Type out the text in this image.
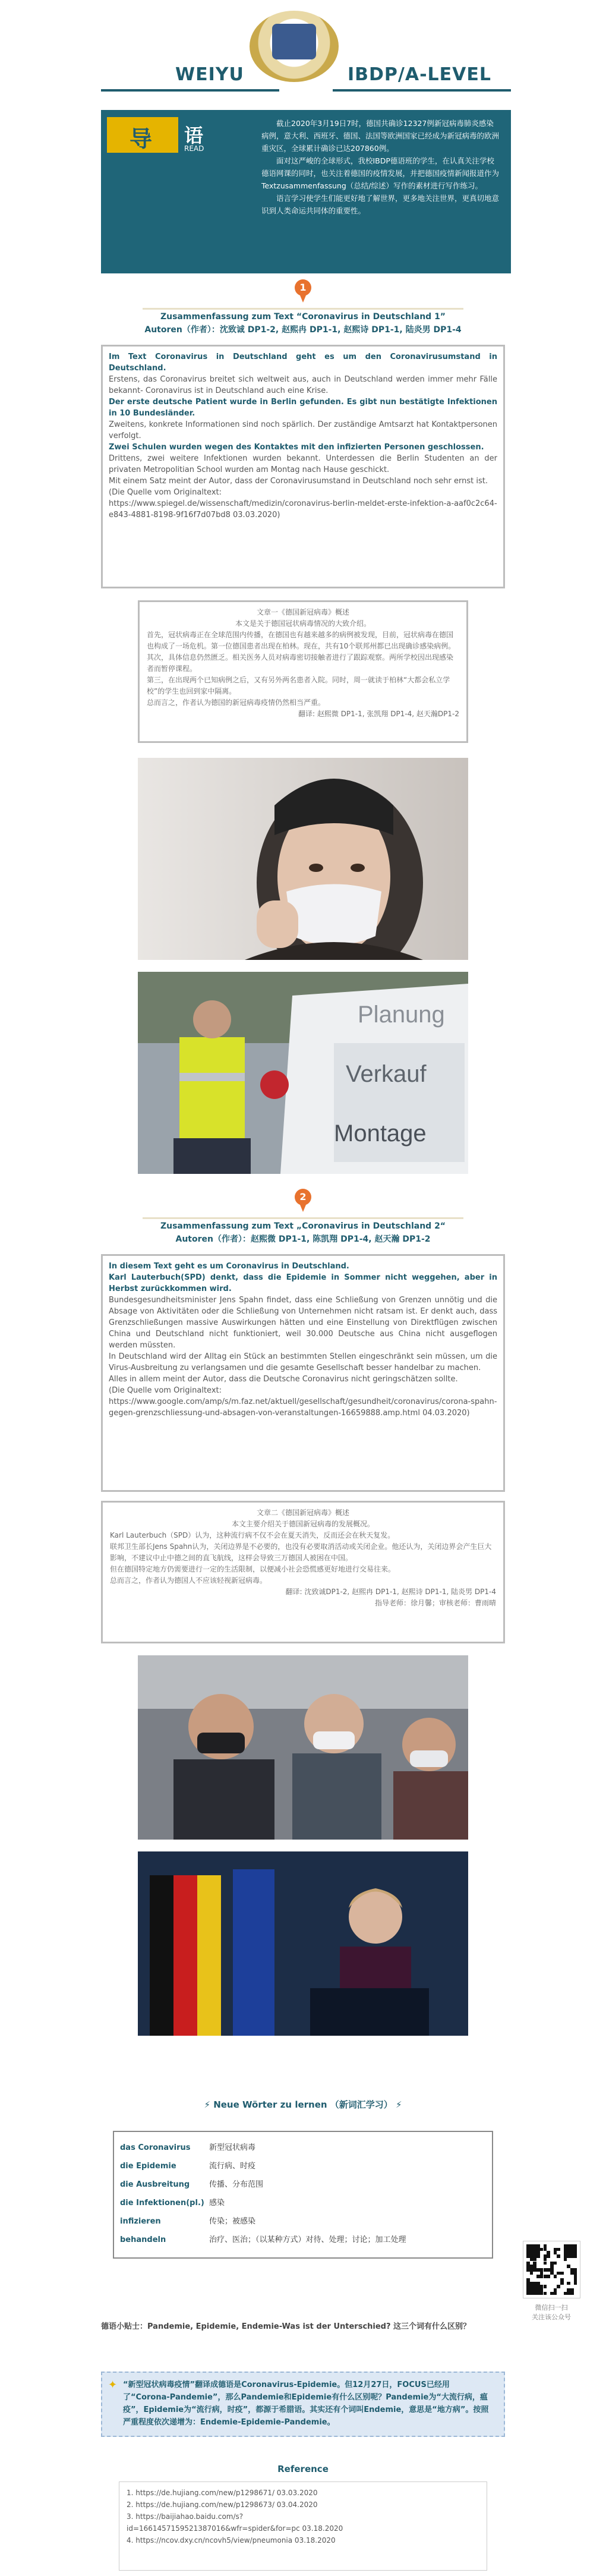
WEIYU	IBDP/A-LEVEL
导 语
READ

截止2020年3月19日7时，德国共确诊12327例新冠病毒肺炎感染病例，意大利、西班牙、德国、法国等欧洲国家已经成为新冠病毒的欧洲重灾区，全球累计确诊已达207860例。

面对这严峻的全球形式，我校IBDP德语班的学生，在认真关注学校德语网课的同时，也关注着德国的疫情发展，并把德国疫情新闻报道作为Textzusammenfassung（总结/综述）写作的素材进行写作练习。

语言学习使学生们能更好地了解世界，更多地关注世界，更真切地意识到人类命运共同体的重要性。

1
Zusammenfassung zum Text “Coronavirus in Deutschland 1”
Autoren（作者）：沈致诚 DP1-2, 赵熙冉 DP1-1, 赵熙诗 DP1-1, 陆炎男 DP1-4

Im Text Coronavirus in Deutschland geht es um den Coronavirusumstand in Deutschland.

Erstens, das Coronavirus breitet sich weltweit aus, auch in Deutschland werden immer mehr Fälle bekannt- Coronavirus ist in Deutschland auch eine Krise.

Der erste deutsche Patient wurde in Berlin gefunden. Es gibt nun bestätigte Infektionen in 10 Bundesländer.

Zweitens, konkrete Informationen sind noch spärlich. Der zuständige Amtsarzt hat Kontaktpersonen verfolgt.

Zwei Schulen wurden wegen des Kontaktes mit den infizierten Personen geschlossen.

Drittens, zwei weitere Infektionen wurden bekannt. Unterdessen die Berlin Studenten an der privaten Metropolitian School wurden am Montag nach Hause geschickt.

Mit einem Satz meint der Autor, dass der Coronavirusumstand in Deutschland noch sehr ernst ist.

(Die Quelle vom Originaltext:

https://www.spiegel.de/wissenschaft/medizin/coronavirus-berlin-meldet-erste-infektion-a-aaf0c2c64-e843-4881-8198-9f16f7d07bd8 03.03.2020)

文章一《德国新冠病毒》概述

本文是关于德国冠状病毒情况的大致介绍。

首先，冠状病毒正在全球范围内传播，在德国也有越来越多的病例被发现，目前，冠状病毒在德国也构成了一场危机。第一位德国患者出现在柏林。现在，共有10个联邦州都已出现确诊感染病例。

其次，具体信息仍然匮乏。相关医务人员对病毒密切接触者进行了跟踪观察。两所学校因出现感染者而暂停课程。

第三，在出现两个已知病例之后，又有另外两名患者入院。同时，周一就读于柏林“大都会私立学校”的学生也回到家中隔离。

总而言之，作者认为德国的新冠病毒疫情仍然相当严重。

翻译: 赵熙微 DP1-1, 张凯翔 DP1-4, 赵天瀚DP1-2

Planung
Verkauf
Montage
2
Zusammenfassung zum Text „Coronavirus in Deutschland 2“
Autoren（作者）：赵熙微 DP1-1, 陈凯翔 DP1-4, 赵天瀚 DP1-2

In diesem Text geht es um Coronavirus in Deutschland.

Karl Lauterbuch(SPD) denkt, dass die Epidemie in Sommer nicht weggehen, aber in Herbst zurückkommen wird.

Bundesgesundheitsminister Jens Spahn findet, dass eine Schließung von Grenzen unnötig und die Absage von Aktivitäten oder die Schließung von Unternehmen nicht ratsam ist. Er denkt auch, dass Grenzschließungen massive Auswirkungen hätten und eine Einstellung von Direktflügen zwischen China und Deutschland nicht funktioniert, weil 30.000 Deutsche aus China nicht ausgeflogen werden müssten.

In Deutschland wird der Alltag ein Stück an bestimmten Stellen eingeschränkt sein müssen, um die Virus-Ausbreitung zu verlangsamen und die gesamte Gesellschaft besser handelbar zu machen.

Alles in allem meint der Autor, dass die Deutsche Coronavirus nicht geringschätzen sollte.

(Die Quelle vom Originaltext:

https://www.google.com/amp/s/m.faz.net/aktuell/gesellschaft/gesundheit/coronavirus/corona-spahn-gegen-grenzschliessung-und-absagen-von-veranstaltungen-16659888.amp.html 04.03.2020)

文章二《德国新冠病毒》概述

本文主要介绍关于德国新冠病毒的发展概况。

Karl Lauterbuch（SPD）认为，这种流行病不仅不会在夏天消失，反而还会在秋天复发。

联邦卫生部长Jens Spahn认为，关闭边界是不必要的，也没有必要取消活动或关闭企业。他还认为，关闭边界会产生巨大影响，不建议中止中德之间的直飞航线，这样会导致三万德国人被困在中国。

但在德国特定地方仍需要进行一定的生活限制，以便减小社会恐慌感更好地进行交易往来。

总而言之，作者认为德国人不应该轻视新冠病毒。

翻译: 沈致诚DP1-2, 赵熙冉 DP1-1, 赵熙诗 DP1-1, 陆炎男 DP1-4

指导老师：徐月馨；审核老师：曹雨晴

⚡ Neue Wörter zu lernen （新词汇学习） ⚡
das Coronavirus 新型冠状病毒
die Epidemie	流行病、时疫
die Ausbreitung	传播、分布范围
die Infektionen(pl.) 感染
infizieren	传染；被感染
behandeln	治疗、医治；（以某种方式）对待、处理；讨论；加工处理
微信扫一扫
关注该公众号
德语小贴士：Pandemie, Epidemie, Endemie-Was ist der Unterschied? 这三个词有什么区别？
✦ “新型冠状病毒疫情”翻译成德语是Coronavirus-Epidemie。但12月27日，FOCUS已经用了“Corona-Pandemie”，那么Pandemie和Epidemie有什么区别呢？Pandemie为“大流行病，瘟疫”，Epidemie为“流行病，时疫”，都源于希腊语。其实还有个词叫Endemie，意思是“地方病”。按照严重程度依次递增为：Endemie-Epidemie-Pandemie。
Reference
1. https://de.hujiang.com/new/p1298671/ 03.03.2020
2. https://de.hujiang.com/new/p1298673/ 03.04.2020
3. https://baijiahao.baidu.com/s?
id=1661457159521387016&wfr=spider&for=pc 03.18.2020
4. https://ncov.dxy.cn/ncovh5/view/pneumonia 03.18.2020
